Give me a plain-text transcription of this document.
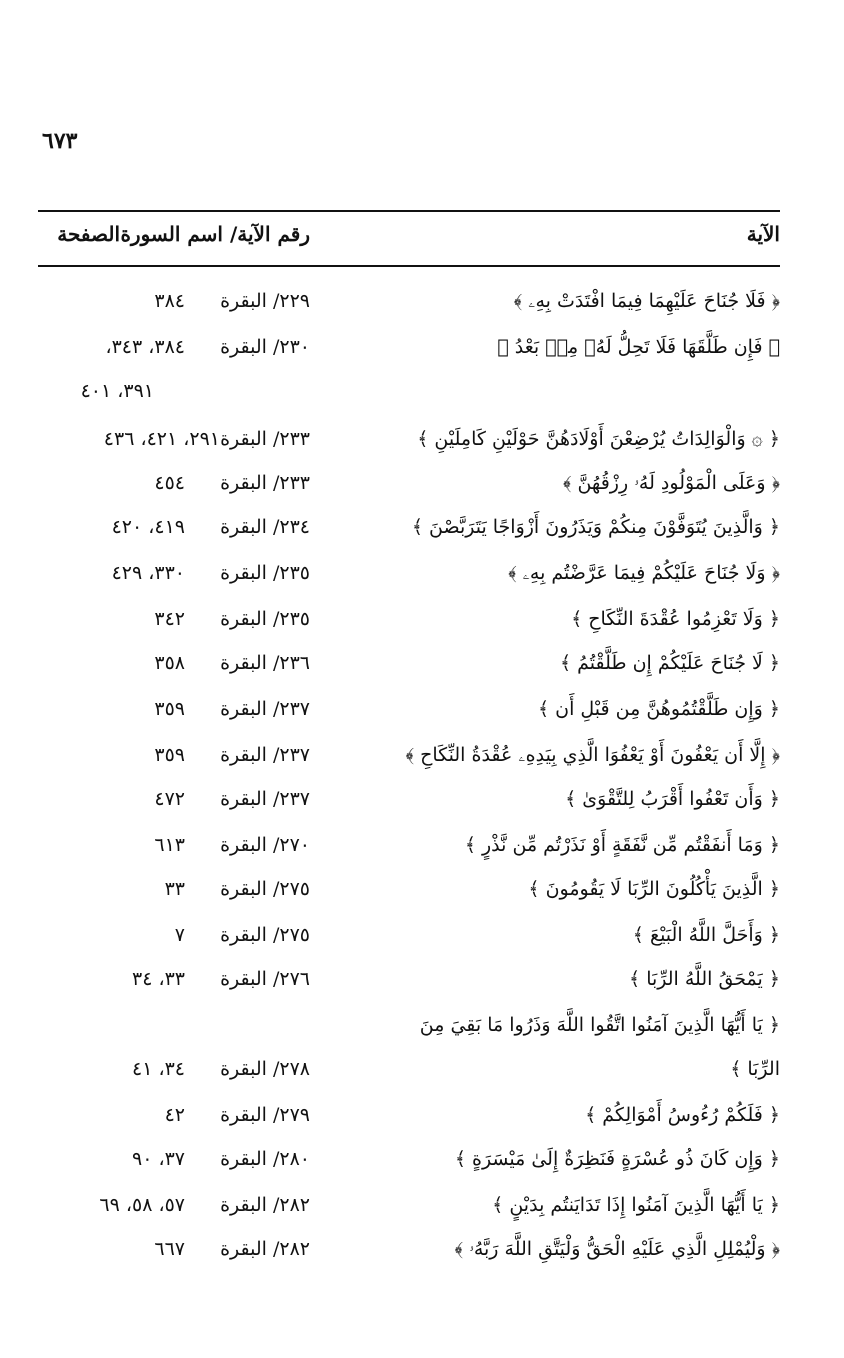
٦٧٣
الآية
رقم الآية/ اسم السورة
الصفحة
﴿ فَلَا جُنَاحَ عَلَيْهِمَا فِيمَا افْتَدَتْ بِهِۦ ﴾
٢٢٩/ البقرة
٣٨٤
﴿ فَإِن طَلَّقَهَا فَلَا تَحِلُّ لَهُۥ مِنۢ بَعْدُ ﴾
٢٣٠/ البقرة
٣٨٤، ٣٤٣،
٣٩١، ٤٠١
﴿ ۞ وَالْوَالِدَاتُ يُرْضِعْنَ أَوْلَادَهُنَّ حَوْلَيْنِ كَامِلَيْنِ ﴾
٢٣٣/ البقرة
٢٩١، ٤٢١، ٤٣٦
﴿ وَعَلَى الْمَوْلُودِ لَهُۥ رِزْقُهُنَّ ﴾
٢٣٣/ البقرة
٤٥٤
﴿ وَالَّذِينَ يُتَوَفَّوْنَ مِنكُمْ وَيَذَرُونَ أَزْوَاجًا يَتَرَبَّصْنَ ﴾
٢٣٤/ البقرة
٤١٩، ٤٢٠
﴿ وَلَا جُنَاحَ عَلَيْكُمْ فِيمَا عَرَّضْتُم بِهِۦ ﴾
٢٣٥/ البقرة
٣٣٠، ٤٢٩
﴿ وَلَا تَعْزِمُوا عُقْدَةَ النِّكَاحِ ﴾
٢٣٥/ البقرة
٣٤٢
﴿ لَا جُنَاحَ عَلَيْكُمْ إِن طَلَّقْتُمُ ﴾
٢٣٦/ البقرة
٣٥٨
﴿ وَإِن طَلَّقْتُمُوهُنَّ مِن قَبْلِ أَن ﴾
٢٣٧/ البقرة
٣٥٩
﴿ إِلَّا أَن يَعْفُونَ أَوْ يَعْفُوَا الَّذِي بِيَدِهِۦ عُقْدَةُ النِّكَاحِ ﴾
٢٣٧/ البقرة
٣٥٩
﴿ وَأَن تَعْفُوا أَقْرَبُ لِلتَّقْوَىٰ ﴾
٢٣٧/ البقرة
٤٧٢
﴿ وَمَا أَنفَقْتُم مِّن نَّفَقَةٍ أَوْ نَذَرْتُم مِّن نَّذْرٍ ﴾
٢٧٠/ البقرة
٦١٣
﴿ الَّذِينَ يَأْكُلُونَ الرِّبَا لَا يَقُومُونَ ﴾
٢٧٥/ البقرة
٣٣
﴿ وَأَحَلَّ اللَّهُ الْبَيْعَ ﴾
٢٧٥/ البقرة
٧
﴿ يَمْحَقُ اللَّهُ الرِّبَا ﴾
٢٧٦/ البقرة
٣٣، ٣٤
﴿ يَا أَيُّهَا الَّذِينَ آمَنُوا اتَّقُوا اللَّهَ وَذَرُوا مَا بَقِيَ مِنَ
الرِّبَا ﴾
٢٧٨/ البقرة
٣٤، ٤١
﴿ فَلَكُمْ رُءُوسُ أَمْوَالِكُمْ ﴾
٢٧٩/ البقرة
٤٢
﴿ وَإِن كَانَ ذُو عُسْرَةٍ فَنَظِرَةٌ إِلَىٰ مَيْسَرَةٍ ﴾
٢٨٠/ البقرة
٣٧، ٩٠
﴿ يَا أَيُّهَا الَّذِينَ آمَنُوا إِذَا تَدَايَنتُم بِدَيْنٍ ﴾
٢٨٢/ البقرة
٥٧، ٥٨، ٦٩
﴿ وَلْيُمْلِلِ الَّذِي عَلَيْهِ الْحَقُّ وَلْيَتَّقِ اللَّهَ رَبَّهُۥ ﴾
٢٨٢/ البقرة
٦٦٧
